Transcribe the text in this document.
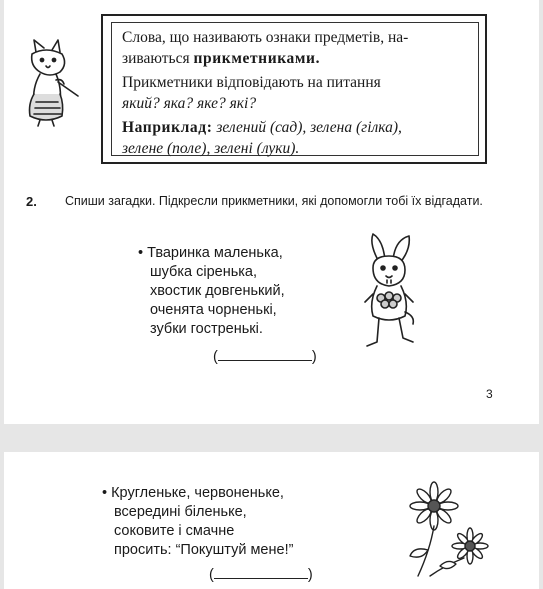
Слова, що називають ознаки предметів, на-

зиваються прикметниками.

Прикметники відповідають на питання

який? яка? яке? які?

Наприклад: зелений (сад), зелена (гілка),

зелене (поле), зелені (луки).

2.	Спиши загадки. Підкресли прикметники, які допомогли тобі їх відгадати.
• Тваринка маленька,
шубка сіренька,
хвостик довгенький,
оченята чорненькі,
зубки гостренькі.
(	)
3
• Кругленьке, червоненьке,
всередині біленьке,
соковите і смачне
просить: “Покуштуй мене!”
(	)
